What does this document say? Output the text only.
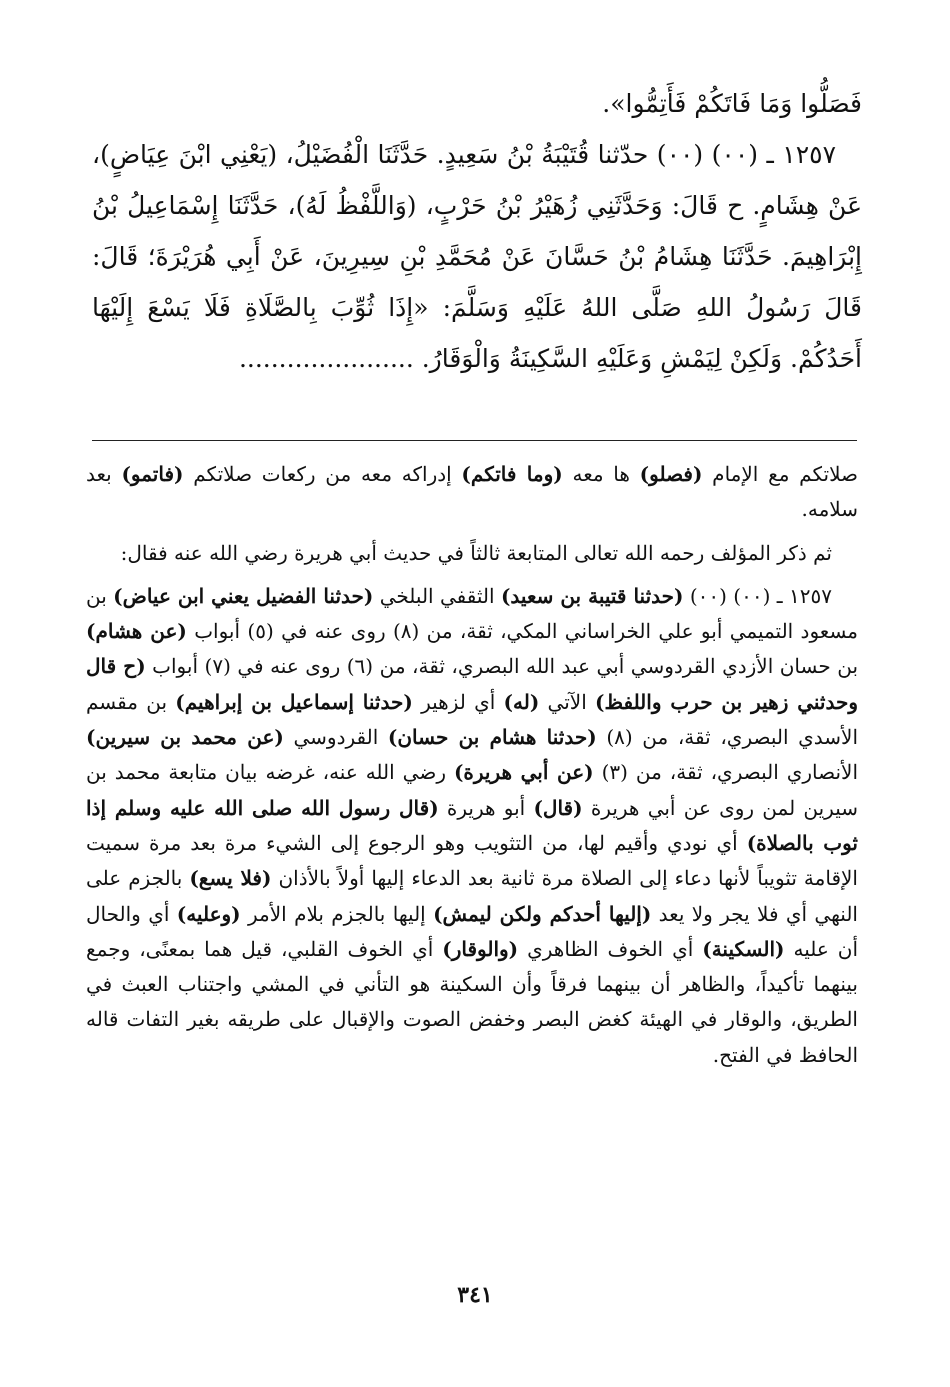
فَصَلُّوا وَمَا فَاتَكُمْ فَأَتِمُّوا».

١٢٥٧ ـ (٠٠) (٠٠) حدّثنا قُتَيْبَةُ بْنُ سَعِيدٍ. حَدَّثَنَا الْفُضَيْلُ، (يَعْنِي ابْنَ عِيَاضٍ)، عَنْ هِشَامٍ. ح قَالَ: وَحَدَّثَنِي زُهَيْرُ بْنُ حَرْبٍ، (وَاللَّفْظُ لَهُ)، حَدَّثَنَا إِسْمَاعِيلُ بْنُ إِبْرَاهِيمَ. حَدَّثَنَا هِشَامُ بْنُ حَسَّانَ عَنْ مُحَمَّدِ بْنِ سِيرِينَ، عَنْ أَبِي هُرَيْرَةَ؛ قَالَ: قَالَ رَسُولُ اللهِ صَلَّى اللهُ عَلَيْهِ وَسَلَّمَ: «إِذَا ثُوِّبَ بِالصَّلَاةِ فَلَا يَسْعَ إِلَيْهَا أَحَدُكُمْ. وَلَكِنْ لِيَمْشِ وَعَلَيْهِ السَّكِينَةُ وَالْوَقَارُ. ......................

صلاتكم مع الإمام (فصلو) ها معه (وما فاتكم) إدراكه معه من ركعات صلاتكم (فاتمو) بعد سلامه.

ثم ذكر المؤلف رحمه الله تعالى المتابعة ثالثاً في حديث أبي هريرة رضي الله عنه فقال:

١٢٥٧ ـ (٠٠) (٠٠) (حدثنا قتيبة بن سعيد) الثقفي البلخي (حدثنا الفضيل يعني ابن عياض) بن مسعود التميمي أبو علي الخراساني المكي، ثقة، من (٨) روى عنه في (٥) أبواب (عن هشام) بن حسان الأزدي القردوسي أبي عبد الله البصري، ثقة، من (٦) روى عنه في (٧) أبواب (ح قال وحدثني زهير بن حرب واللفظ) الآتي (له) أي لزهير (حدثنا إسماعيل بن إبراهيم) بن مقسم الأسدي البصري، ثقة، من (٨) (حدثنا هشام بن حسان) القردوسي (عن محمد بن سيرين) الأنصاري البصري، ثقة، من (٣) (عن أبي هريرة) رضي الله عنه، غرضه بيان متابعة محمد بن سيرين لمن روى عن أبي هريرة (قال) أبو هريرة (قال رسول الله صلى الله عليه وسلم إذا ثوب بالصلاة) أي نودي وأقيم لها، من التثويب وهو الرجوع إلى الشيء مرة بعد مرة سميت الإقامة تثويباً لأنها دعاء إلى الصلاة مرة ثانية بعد الدعاء إليها أولاً بالأذان (فلا يسع) بالجزم على النهي أي فلا يجر ولا يعد (إليها أحدكم ولكن ليمش) إليها بالجزم بلام الأمر (وعليه) أي والحال أن عليه (السكينة) أي الخوف الظاهري (والوقار) أي الخوف القلبي، قيل هما بمعنًى، وجمع بينهما تأكيداً، والظاهر أن بينهما فرقاً وأن السكينة هو التأني في المشي واجتناب العبث في الطريق، والوقار في الهيئة كغض البصر وخفض الصوت والإقبال على طريقه بغير التفات قاله الحافظ في الفتح.

٣٤١
